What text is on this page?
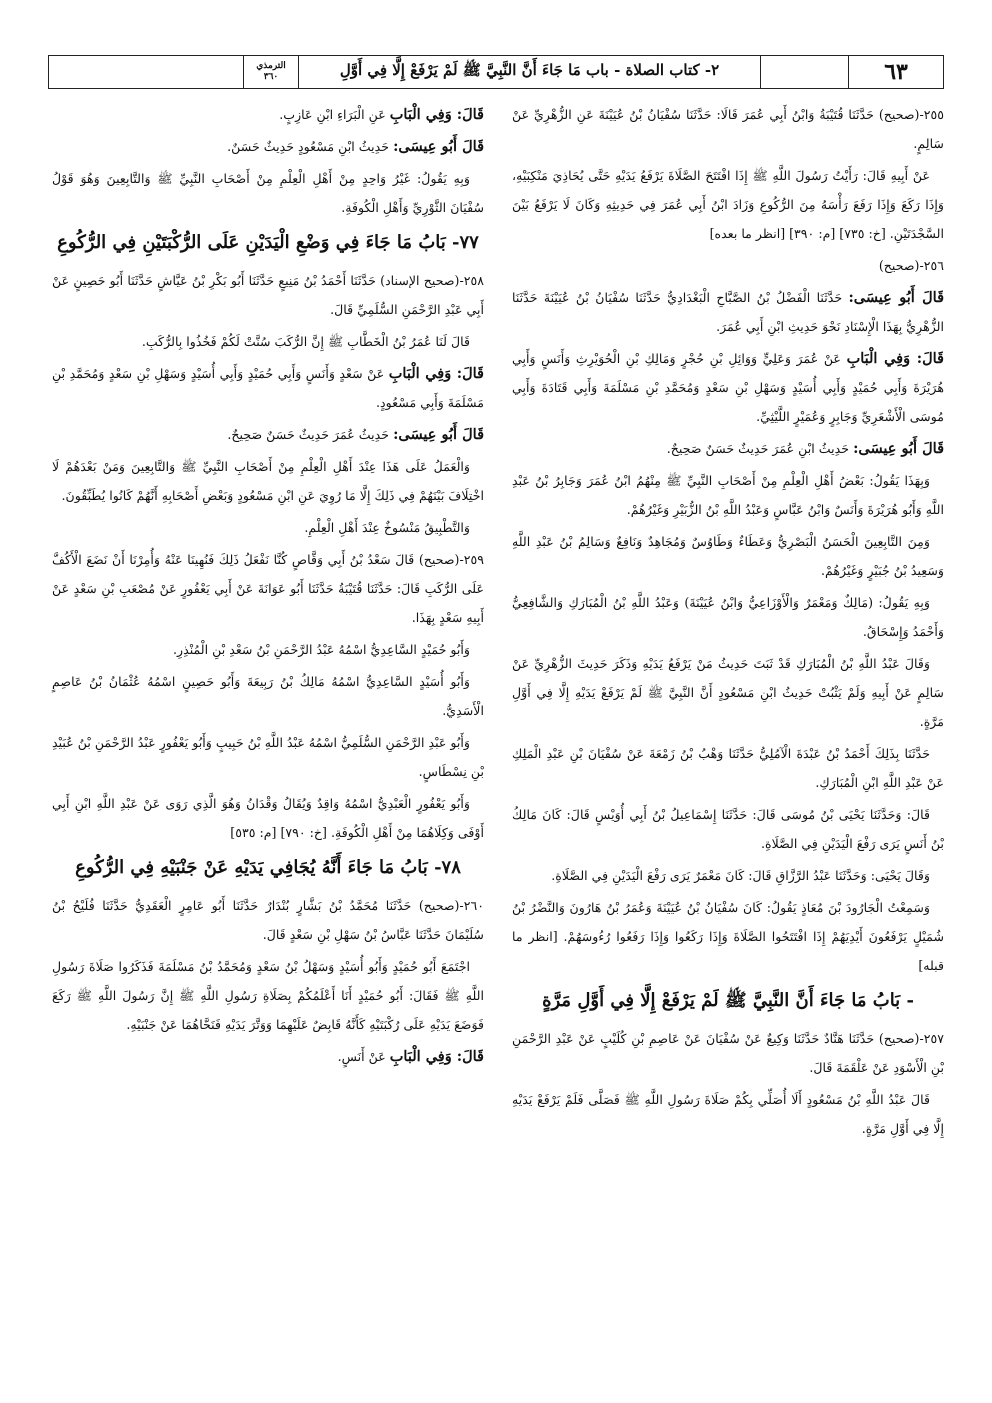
٦٣
٢- كتاب الصلاة - باب مَا جَاءَ أَنَّ النَّبِيَّ ﷺ لَمْ يَرْفَعْ إِلَّا فِي أَوَّلِ
الترمذي
٣٦٠

٢٥٥-(صحيح) حَدَّثَنَا قُتَيْبَةُ وَابْنُ أَبِي عُمَرَ قَالَا: حَدَّثَنَا سُفْيَانُ بْنُ عُيَيْنَةَ عَنِ الزُّهْرِيِّ عَنْ سَالِمٍ.

عَنْ أَبِيهِ قَالَ: رَأَيْتُ رَسُولَ اللَّهِ ﷺ إِذَا افْتَتَحَ الصَّلَاةَ يَرْفَعُ يَدَيْهِ حَتَّى يُحَاذِيَ مَنْكِبَيْهِ، وَإِذَا رَكَعَ وَإِذَا رَفَعَ رَأْسَهُ مِنَ الرُّكُوعِ وَزَادَ ابْنُ أَبِي عُمَرَ فِي حَدِيثِهِ وَكَانَ لَا يَرْفَعُ بَيْنَ السَّجْدَتَيْنِ. [خ: ٧٣٥] [م: ٣٩٠] [انظر ما بعده]

٢٥٦-(صحيح)

قَالَ أَبُو عِيسَى: حَدَّثَنَا الْفَضْلُ بْنُ الصَّبَّاحِ الْبَغْدَادِيُّ حَدَّثَنَا سُفْيَانُ بْنُ عُيَيْنَةَ حَدَّثَنَا الزُّهْرِيُّ بِهَذَا الْإِسْنَادِ نَحْوَ حَدِيثِ ابْنِ أَبِي عُمَرَ.

قَالَ: وَفِي الْبَابِ عَنْ عُمَرَ وَعَلِيٍّ وَوَائِلِ بْنِ حُجْرٍ وَمَالِكِ بْنِ الْحُوَيْرِثِ وَأَنَسٍ وَأَبِي هُرَيْرَةَ وَأَبِي حُمَيْدٍ وَأَبِي أُسَيْدٍ وَسَهْلِ بْنِ سَعْدٍ وَمُحَمَّدِ بْنِ مَسْلَمَةَ وَأَبِي قَتَادَةَ وَأَبِي مُوسَى الْأَشْعَرِيِّ وَجَابِرٍ وَعُمَيْرٍ اللَّيْثِيِّ.

قَالَ أَبُو عِيسَى: حَدِيثُ ابْنِ عُمَرَ حَدِيثٌ حَسَنٌ صَحِيحٌ.

وَبِهَذَا يَقُولُ: بَعْضُ أَهْلِ الْعِلْمِ مِنْ أَصْحَابِ النَّبِيِّ ﷺ مِنْهُمُ ابْنُ عُمَرَ وَجَابِرُ بْنُ عَبْدِ اللَّهِ وَأَبُو هُرَيْرَةَ وَأَنَسٌ وَابْنُ عَبَّاسٍ وَعَبْدُ اللَّهِ بْنُ الزُّبَيْرِ وَغَيْرُهُمْ.

وَمِنَ التَّابِعِينَ الْحَسَنُ الْبَصْرِيُّ وَعَطَاءٌ وَطَاوُسٌ وَمُجَاهِدٌ وَنَافِعٌ وَسَالِمُ بْنُ عَبْدِ اللَّهِ وَسَعِيدُ بْنُ جُبَيْرٍ وَغَيْرُهُمْ.

وَبِهِ يَقُولُ: (مَالِكٌ وَمَعْمَرٌ وَالْأَوْزَاعِيُّ وَابْنُ عُيَيْنَةَ) وَعَبْدُ اللَّهِ بْنُ الْمُبَارَكِ وَالشَّافِعِيُّ وَأَحْمَدُ وَإِسْحَاقُ.

وَقَالَ عَبْدُ اللَّهِ بْنُ الْمُبَارَكِ قَدْ ثَبَتَ حَدِيثُ مَنْ يَرْفَعُ يَدَيْهِ وَذَكَرَ حَدِيثَ الزُّهْرِيِّ عَنْ سَالِمٍ عَنْ أَبِيهِ وَلَمْ يَثْبُتْ حَدِيثُ ابْنِ مَسْعُودٍ أَنَّ النَّبِيَّ ﷺ لَمْ يَرْفَعْ يَدَيْهِ إِلَّا فِي أَوَّلِ مَرَّةٍ.

حَدَّثَنَا بِذَلِكَ أَحْمَدُ بْنُ عَبْدَةَ الْآمُلِيُّ حَدَّثَنَا وَهْبُ بْنُ زَمْعَةَ عَنْ سُفْيَانَ بْنِ عَبْدِ الْمَلِكِ عَنْ عَبْدِ اللَّهِ ابْنِ الْمُبَارَكِ.

قَالَ: وَحَدَّثَنَا يَحْيَى بْنُ مُوسَى قَالَ: حَدَّثَنَا إِسْمَاعِيلُ بْنُ أَبِي أُوَيْسٍ قَالَ: كَانَ مَالِكُ بْنُ أَنَسٍ يَرَى رَفْعَ الْيَدَيْنِ فِي الصَّلَاةِ.

وَقَالَ يَحْيَى: وَحَدَّثَنَا عَبْدُ الرَّزَّاقِ قَالَ: كَانَ مَعْمَرٌ يَرَى رَفْعَ الْيَدَيْنِ فِي الصَّلَاةِ.

وَسَمِعْتُ الْجَارُودَ بْنَ مُعَاذٍ يَقُولُ: كَانَ سُفْيَانُ بْنُ عُيَيْنَةَ وَعُمَرُ بْنُ هَارُونَ وَالنَّضْرُ بْنُ شُمَيْلٍ يَرْفَعُونَ أَيْدِيَهُمْ إِذَا افْتَتَحُوا الصَّلَاةَ وَإِذَا رَكَعُوا وَإِذَا رَفَعُوا رُءُوسَهُمْ. [انظر ما قبله]

- بَابُ مَا جَاءَ أَنَّ النَّبِيَّ ﷺ لَمْ يَرْفَعْ إِلَّا فِي أَوَّلِ مَرَّةٍ

٢٥٧-(صحيح) حَدَّثَنَا هَنَّادٌ حَدَّثَنَا وَكِيعٌ عَنْ سُفْيَانَ عَنْ عَاصِمِ بْنِ كُلَيْبٍ عَنْ عَبْدِ الرَّحْمَنِ بْنِ الْأَسْوَدِ عَنْ عَلْقَمَةَ قَالَ.

قَالَ عَبْدُ اللَّهِ بْنُ مَسْعُودٍ أَلَا أُصَلِّي بِكُمْ صَلَاةَ رَسُولِ اللَّهِ ﷺ فَصَلَّى فَلَمْ يَرْفَعْ يَدَيْهِ إِلَّا فِي أَوَّلِ مَرَّةٍ.

قَالَ: وَفِي الْبَابِ عَنِ الْبَرَاءِ ابْنِ عَازِبٍ.

قَالَ أَبُو عِيسَى: حَدِيثُ ابْنِ مَسْعُودٍ حَدِيثٌ حَسَنٌ.

وَبِهِ يَقُولُ: غَيْرُ وَاحِدٍ مِنْ أَهْلِ الْعِلْمِ مِنْ أَصْحَابِ النَّبِيِّ ﷺ وَالتَّابِعِينَ وَهُوَ قَوْلُ سُفْيَانَ الثَّوْرِيِّ وَأَهْلِ الْكُوفَةِ.

٧٧- بَابُ مَا جَاءَ فِي وَضْعِ الْيَدَيْنِ عَلَى الرُّكْبَتَيْنِ فِي الرُّكُوعِ

٢٥٨-(صحيح الإسناد) حَدَّثَنَا أَحْمَدُ بْنُ مَنِيعٍ حَدَّثَنَا أَبُو بَكْرِ بْنُ عَيَّاشٍ حَدَّثَنَا أَبُو حَصِينٍ عَنْ أَبِي عَبْدِ الرَّحْمَنِ السُّلَمِيِّ قَالَ.

قَالَ لَنَا عُمَرُ بْنُ الْخَطَّابِ ﷺ إِنَّ الرُّكَبَ سُنَّتْ لَكُمْ فَخُذُوا بِالرُّكَبِ.

قَالَ: وَفِي الْبَابِ عَنْ سَعْدٍ وَأَنَسٍ وَأَبِي حُمَيْدٍ وَأَبِي أُسَيْدٍ وَسَهْلِ بْنِ سَعْدٍ وَمُحَمَّدِ بْنِ مَسْلَمَةَ وَأَبِي مَسْعُودٍ.

قَالَ أَبُو عِيسَى: حَدِيثُ عُمَرَ حَدِيثٌ حَسَنٌ صَحِيحٌ.

وَالْعَمَلُ عَلَى هَذَا عِنْدَ أَهْلِ الْعِلْمِ مِنْ أَصْحَابِ النَّبِيِّ ﷺ وَالتَّابِعِينَ وَمَنْ بَعْدَهُمْ لَا اخْتِلَافَ بَيْنَهُمْ فِي ذَلِكَ إِلَّا مَا رُوِيَ عَنِ ابْنِ مَسْعُودٍ وَبَعْضِ أَصْحَابِهِ أَنَّهُمْ كَانُوا يُطَبِّقُونَ.

وَالتَّطْبِيقُ مَنْسُوخٌ عِنْدَ أَهْلِ الْعِلْمِ.

٢٥٩-(صحيح) قَالَ سَعْدُ بْنُ أَبِي وَقَّاصٍ كُنَّا نَفْعَلُ ذَلِكَ فَنُهِينَا عَنْهُ وَأُمِرْنَا أَنْ نَضَعَ الْأَكُفَّ عَلَى الرُّكَبِ قَالَ: حَدَّثَنَا قُتَيْبَةُ حَدَّثَنَا أَبُو عَوَانَةَ عَنْ أَبِي يَعْفُورٍ عَنْ مُصْعَبِ بْنِ سَعْدٍ عَنْ أَبِيهِ سَعْدٍ بِهَذَا.

وَأَبُو حُمَيْدٍ السَّاعِدِيُّ اسْمُهُ عَبْدُ الرَّحْمَنِ بْنُ سَعْدِ بْنِ الْمُنْذِرِ.

وَأَبُو أُسَيْدٍ السَّاعِدِيُّ اسْمُهُ مَالِكُ بْنُ رَبِيعَةَ وَأَبُو حَصِينٍ اسْمُهُ عُثْمَانُ بْنُ عَاصِمٍ الْأَسَدِيُّ.

وَأَبُو عَبْدِ الرَّحْمَنِ السُّلَمِيُّ اسْمُهُ عَبْدُ اللَّهِ بْنُ حَبِيبٍ وَأَبُو يَعْفُورٍ عَبْدُ الرَّحْمَنِ بْنُ عُبَيْدِ بْنِ نِسْطَاسٍ.

وَأَبُو يَعْفُورٍ الْعَبْدِيُّ اسْمُهُ وَاقِدٌ وَيُقَالُ وَقْدَانُ وَهُوَ الَّذِي رَوَى عَنْ عَبْدِ اللَّهِ ابْنِ أَبِي أَوْفَى وَكِلَاهُمَا مِنْ أَهْلِ الْكُوفَةِ. [خ: ٧٩٠] [م: ٥٣٥]

٧٨- بَابُ مَا جَاءَ أَنَّهُ يُجَافِي يَدَيْهِ عَنْ جَنْبَيْهِ فِي الرُّكُوعِ

٢٦٠-(صحيح) حَدَّثَنَا مُحَمَّدُ بْنُ بَشَّارٍ بُنْدَارٌ حَدَّثَنَا أَبُو عَامِرٍ الْعَقَدِيُّ حَدَّثَنَا فُلَيْحُ بْنُ سُلَيْمَانَ حَدَّثَنَا عَبَّاسُ بْنُ سَهْلِ بْنِ سَعْدٍ قَالَ.

اجْتَمَعَ أَبُو حُمَيْدٍ وَأَبُو أُسَيْدٍ وَسَهْلُ بْنُ سَعْدٍ وَمُحَمَّدُ بْنُ مَسْلَمَةَ فَذَكَرُوا صَلَاةَ رَسُولِ اللَّهِ ﷺ فَقَالَ: أَبُو حُمَيْدٍ أَنَا أَعْلَمُكُمْ بِصَلَاةِ رَسُولِ اللَّهِ ﷺ إِنَّ رَسُولَ اللَّهِ ﷺ رَكَعَ فَوَضَعَ يَدَيْهِ عَلَى رُكْبَتَيْهِ كَأَنَّهُ قَابِضٌ عَلَيْهِمَا وَوَتَّرَ يَدَيْهِ فَنَحَّاهُمَا عَنْ جَنْبَيْهِ.

قَالَ: وَفِي الْبَابِ عَنْ أَنَسٍ.
